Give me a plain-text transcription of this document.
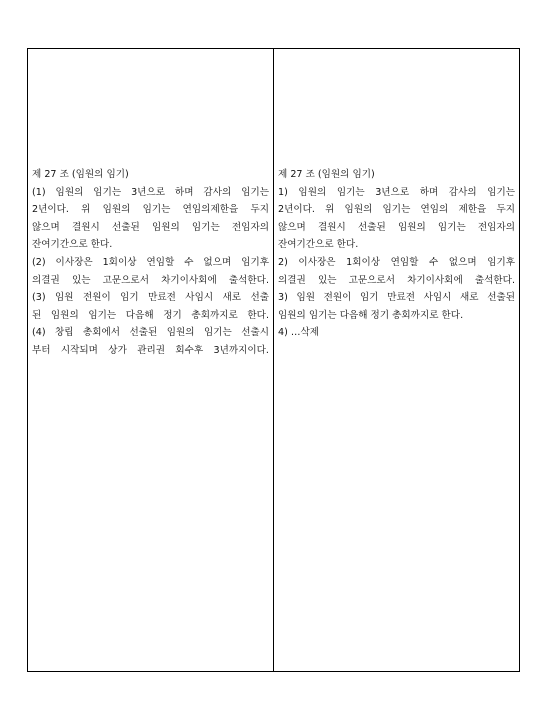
제 27 조 (임원의 임기)
(1) 임원의 임기는 3년으로 하며 감사의 임기는
2년이다. 위 임원의 임기는 연임의제한을 두지
않으며 결원시 선출된 임원의 임기는 전임자의
잔여기간으로 한다.
(2) 이사장은 1회이상 연임할 수 없으며 임기후
의결권 있는 고문으로서 차기이사회에 출석한다.
(3) 임원 전원이 임기 만료전 사임시 새로 선출
된 임원의 임기는 다음해 정기 총회까지로 한다.
(4) 창립 총회에서 선출된 임원의 임기는 선출시
부터 시작되며 상가 관리권 회수후 3년까지이다.
제 27 조 (임원의 임기)
1) 임원의 임기는 3년으로 하며 감사의 임기는
2년이다. 위 임원의 임기는 연임의 제한을 두지
않으며 결원시 선출된 임원의 임기는 전임자의
잔여기간으로 한다.
2) 이사장은 1회이상 연임할 수 없으며 임기후
의결권 있는 고문으로서 차기이사회에 출석한다.
3) 임원 전원이 임기 만료전 사임시 새로 선출된
임원의 임기는 다음해 정기 총회까지로 한다.
4) …삭제
